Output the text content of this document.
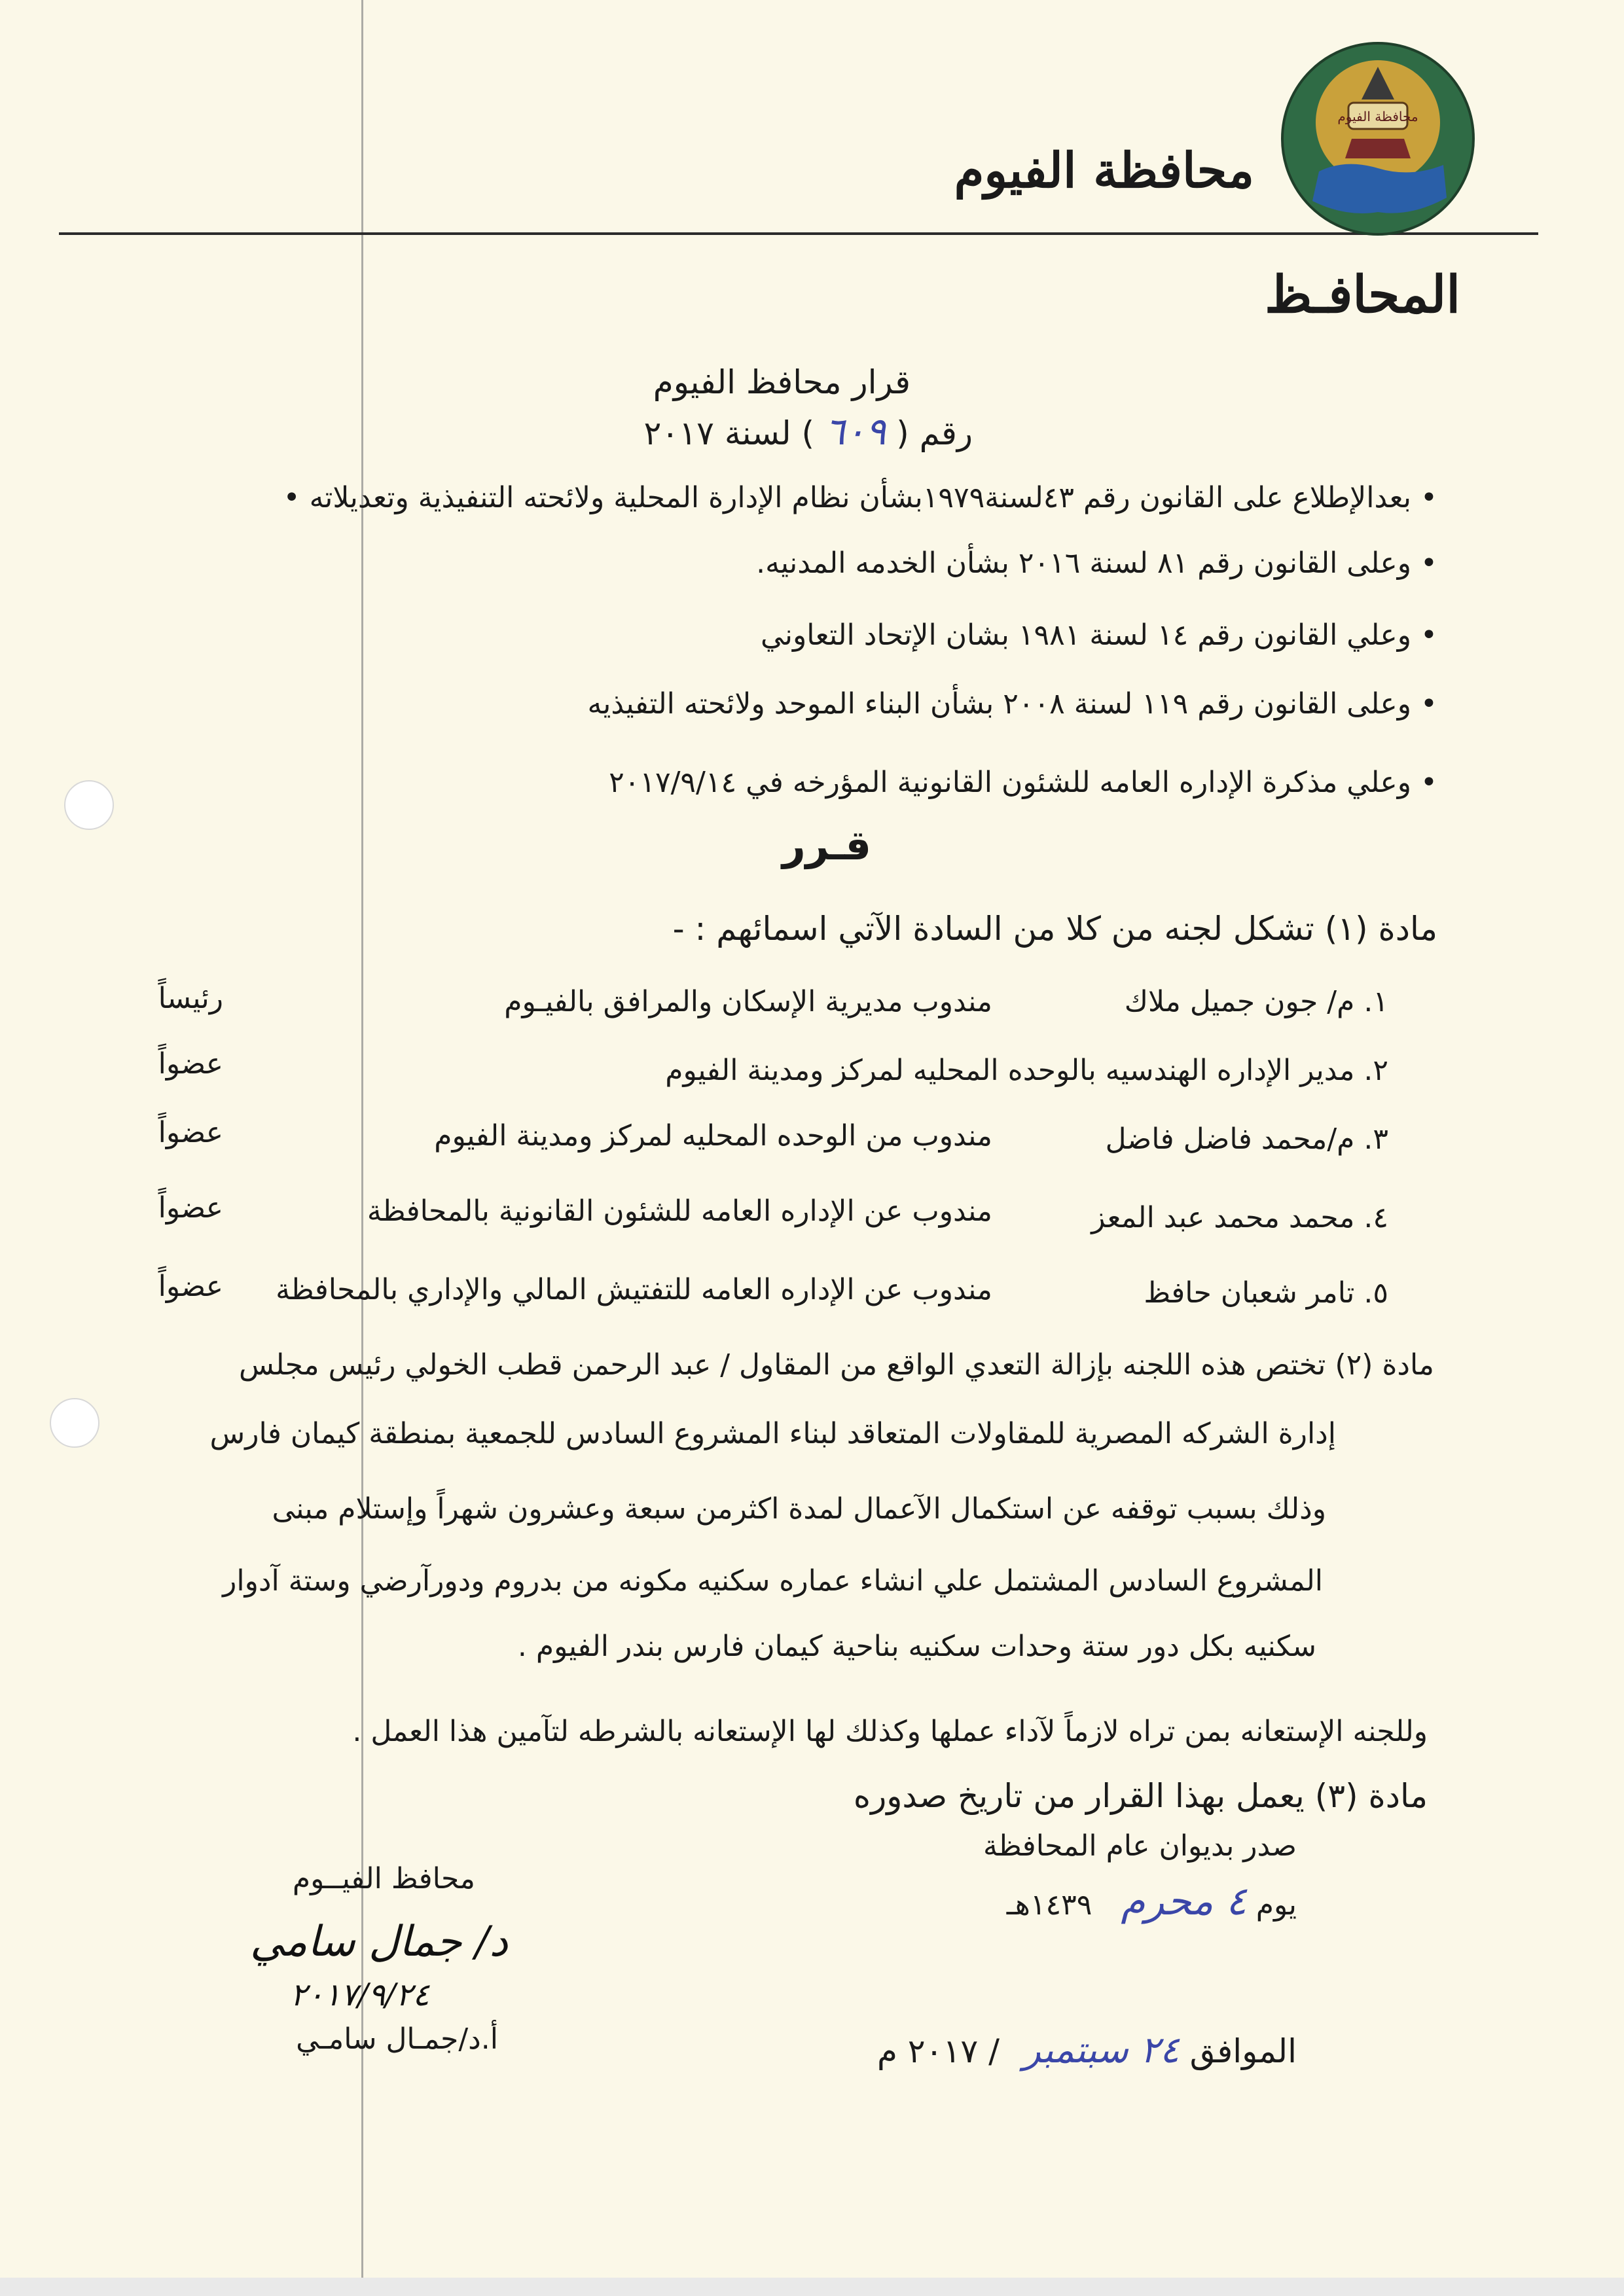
محافظة الفيوم
محافظة الفيوم
المحافـظ
قرار محافظ الفيوم
رقم ( ٦٠٩ ) لسنة ٢٠١٧
• بعدالإطلاع على القانون رقم ٤٣لسنة١٩٧٩بشأن نظام الإدارة المحلية ولائحته التنفيذية وتعديلاته •
• وعلى القانون رقم ٨١ لسنة ٢٠١٦ بشأن الخدمه المدنيه.
• وعلي القانون رقم ١٤ لسنة ١٩٨١ بشان الإتحاد التعاوني
• وعلى القانون رقم ١١٩ لسنة ٢٠٠٨ بشأن البناء الموحد ولائحته التفيذيه
• وعلي مذكرة الإداره العامه للشئون القانونية المؤرخه في ٢٠١٧/٩/١٤
قـرر
مادة (١) تشكل لجنه من كلا من السادة الآتي اسمائهم : -
١. م/ جون جميل ملاك
مندوب مديرية الإسكان والمرافق بالفيـوم
رئيساً
٢. مدير الإداره الهندسيه بالوحده المحليه لمركز ومدينة الفيوم
عضواً
٣. م/محمد فاضل فاضل
مندوب من الوحده المحليه لمركز ومدينة الفيوم
عضواً
٤. محمد محمد عبد المعز
مندوب عن الإداره العامه للشئون القانونية بالمحافظة
عضواً
٥. تامر شعبان حافظ
مندوب عن الإداره العامه للتفتيش المالي والإداري بالمحافظة
عضواً
مادة (٢) تختص هذه اللجنه بإزالة التعدي الواقع من المقاول / عبد الرحمن قطب الخولي رئيس مجلس
إدارة الشركه المصرية للمقاولات المتعاقد لبناء المشروع السادس للجمعية بمنطقة كيمان فارس
وذلك بسبب توقفه عن استكمال الآعمال لمدة اكثرمن سبعة وعشرون شهراً وإستلام مبنى
المشروع السادس المشتمل علي انشاء عماره سكنيه مكونه من بدروم ودورآرضي وستة آدوار
سكنيه بكل دور ستة وحدات سكنيه بناحية كيمان فارس بندر الفيوم .
وللجنه الإستعانه بمن تراه لازماً لآداء عملها وكذلك لها الإستعانه بالشرطه لتآمين هذا العمل .
مادة (٣) يعمل بهذا القرار من تاريخ صدوره
صدر بديوان عام المحافظة
يوم ٤ محرم ١٤٣٩هـ
الموافق ٢٤ سبتمبر / ٢٠١٧ م
محافظ الفيــوم
د/ جمال سامي
٢٠١٧/٩/٢٤
أ.د/جمـال سامـي
